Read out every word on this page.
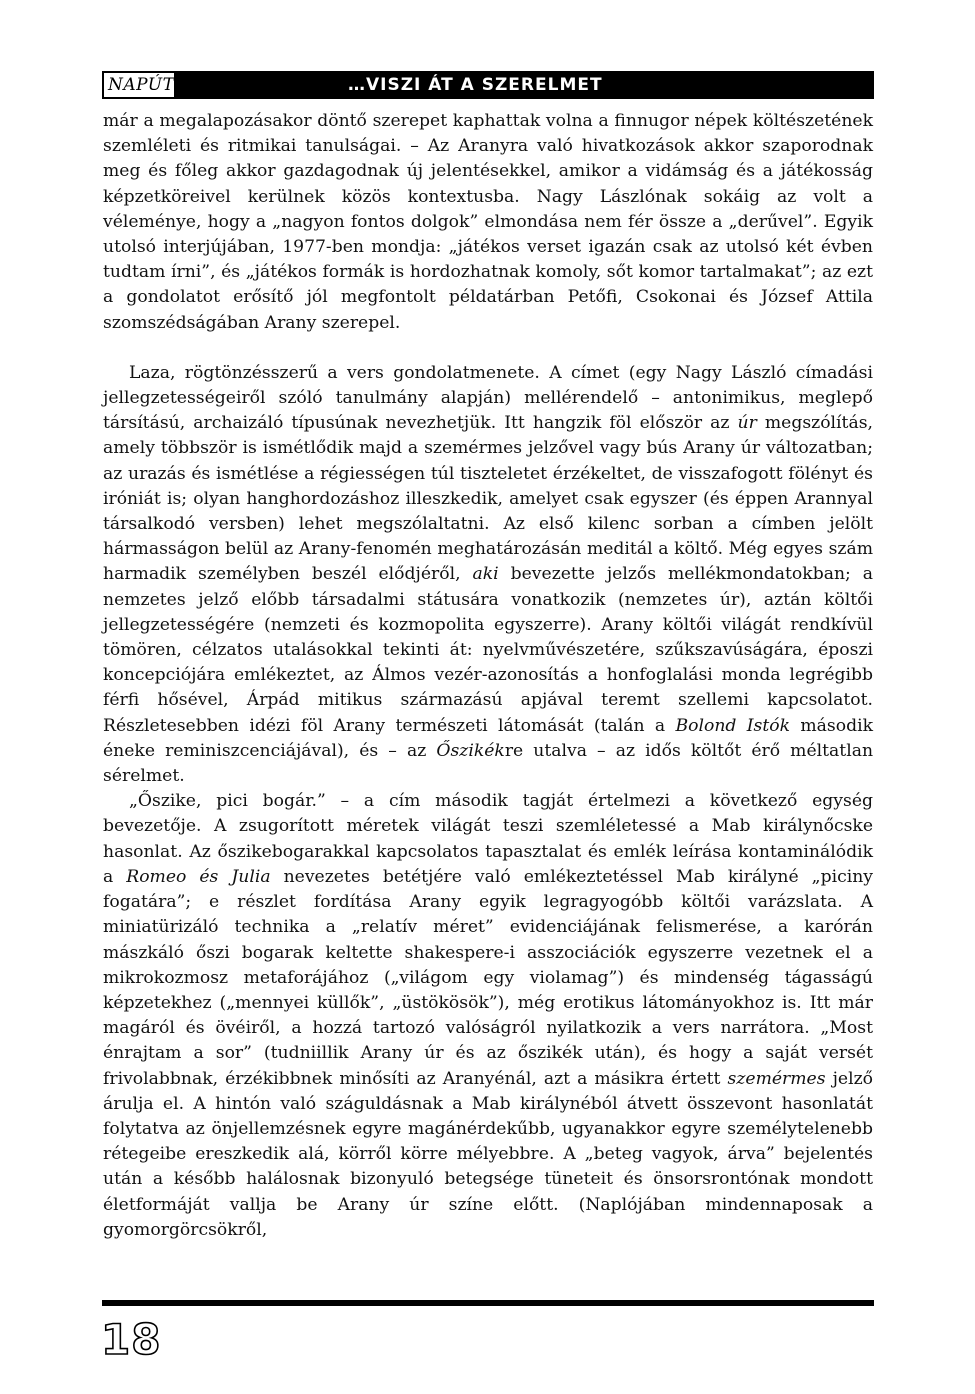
NAPÚT	…VISZI ÁT A SZERELMET

már a megalapozásakor döntő szerepet kaphattak volna a finnugor népek költészetének szemléleti és ritmikai tanulságai. – Az Aranyra való hivatkozások akkor szaporodnak meg és főleg akkor gazdagodnak új jelentésekkel, amikor a vidámság és a játékosság képzetköreivel kerülnek közös kontextusba. Nagy Lászlónak sokáig az volt a véleménye, hogy a „nagyon fontos dolgok” elmondása nem fér össze a „derűvel”. Egyik utolsó interjújában, 1977-ben mondja: „játékos verset igazán csak az utolsó két évben tudtam írni”, és „játékos formák is hordozhatnak komoly, sőt komor tartalmakat”; az ezt a gondolatot erősítő jól megfontolt példatárban Petőfi, Csokonai és József Attila szomszédságában Arany szerepel.

Laza, rögtönzésszerű a vers gondolatmenete. A címet (egy Nagy László címadási jellegzetességeiről szóló tanulmány alapján) mellérendelő – antonimikus, meglepő társítású, archaizáló típusúnak nevezhetjük. Itt hangzik föl először az úr megszólítás, amely többször is ismétlődik majd a szemérmes jelzővel vagy bús Arany úr változatban; az urazás és ismétlése a régiességen túl tiszteletet érzékeltet, de visszafogott fölényt és iróniát is; olyan hanghordozáshoz illeszkedik, amelyet csak egyszer (és éppen Arannyal társalkodó versben) lehet megszólaltatni. Az első kilenc sorban a címben jelölt hármasságon belül az Arany-fenomén meghatározásán meditál a költő. Még egyes szám harmadik személyben beszél elődjéről, aki bevezette jelzős mellékmondatokban; a nemzetes jelző előbb társadalmi státusára vonatkozik (nemzetes úr), aztán költői jellegzetességére (nemzeti és kozmopolita egyszerre). Arany költői világát rendkívül tömören, célzatos utalásokkal tekinti át: nyelvművészetére, szűkszavúságára, époszi koncepciójára emlékeztet, az Álmos vezér-azonosítás a honfoglalási monda legrégibb férfi hősével, Árpád mitikus származású apjával teremt szellemi kapcsolatot. Részletesebben idézi föl Arany természeti látomását (talán a Bolond Istók második éneke reminiszcenciájával), és – az Őszikékre utalva – az idős költőt érő méltatlan sérelmet.

„Őszike, pici bogár.” – a cím második tagját értelmezi a következő egység bevezetője. A zsugorított méretek világát teszi szemléletessé a Mab királynőcske hasonlat. Az őszikebogarakkal kapcsolatos tapasztalat és emlék leírása kontaminálódik a Romeo és Julia nevezetes betétjére való emlékeztetéssel Mab királyné „piciny fogatára”; e részlet fordítása Arany egyik legragyogóbb költői varázslata. A miniatürizáló technika a „relatív méret” evidenciájának felismerése, a karórán mászkáló őszi bogarak keltette shakespere-i asszociációk egyszerre vezetnek el a mikrokozmosz metaforájához („világom egy violamag”) és mindenség tágasságú képzetekhez („mennyei küllők”, „üstökösök”), még erotikus látományokhoz is. Itt már magáról és övéiről, a hozzá tartozó valóságról nyilatkozik a vers narrátora. „Most énrajtam a sor” (tudniillik Arany úr és az őszikék után), és hogy a saját versét frivolabbnak, érzékibbnek minősíti az Aranyénál, azt a másikra értett szemérmes jelző árulja el. A hintón való száguldásnak a Mab királynéból átvett összevont hasonlatát folytatva az önjellemzésnek egyre magánérdekűbb, ugyanakkor egyre személytelenebb rétegeibe ereszkedik alá, körről körre mélyebbre. A „beteg vagyok, árva” bejelentés után a később halálosnak bizonyuló betegsége tüneteit és önsorsrontónak mondott életformáját vallja be Arany úr színe előtt. (Naplójában mindennaposak a gyomorgörcsökről,

18
